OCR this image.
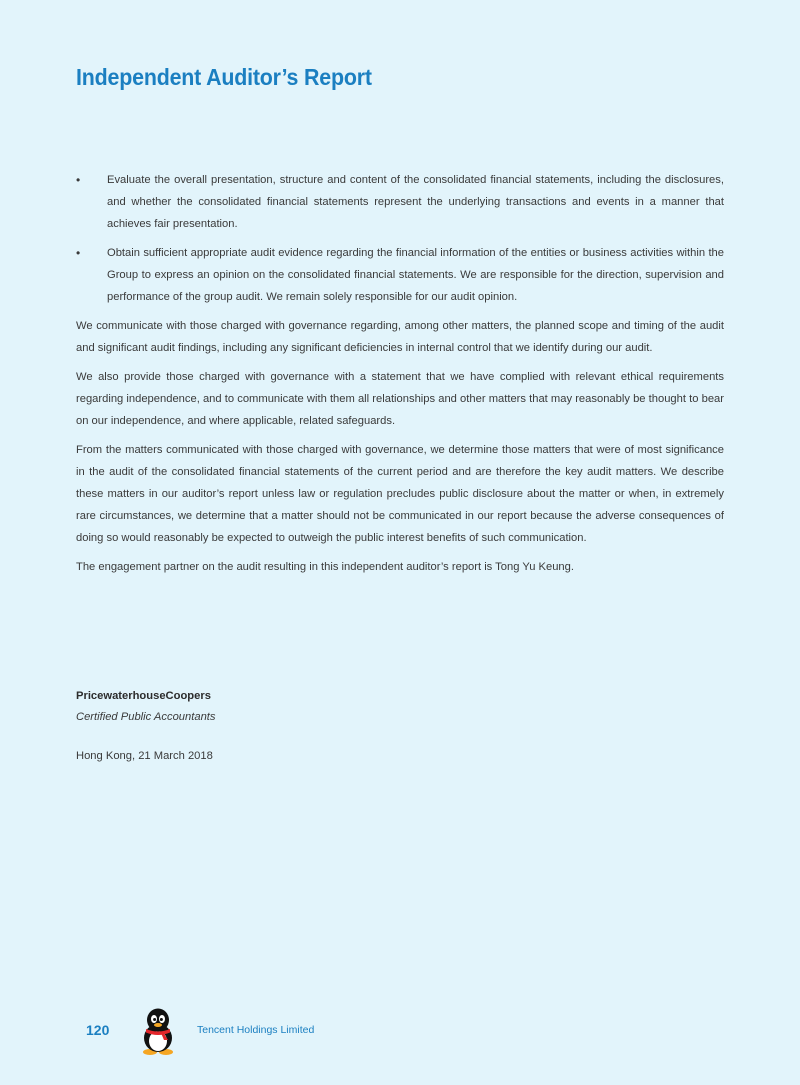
Independent Auditor’s Report
• Evaluate the overall presentation, structure and content of the consolidated financial statements, including the disclosures, and whether the consolidated financial statements represent the underlying transactions and events in a manner that achieves fair presentation.
• Obtain sufficient appropriate audit evidence regarding the financial information of the entities or business activities within the Group to express an opinion on the consolidated financial statements. We are responsible for the direction, supervision and performance of the group audit. We remain solely responsible for our audit opinion.

We communicate with those charged with governance regarding, among other matters, the planned scope and timing of the audit and significant audit findings, including any significant deficiencies in internal control that we identify during our audit.

We also provide those charged with governance with a statement that we have complied with relevant ethical requirements regarding independence, and to communicate with them all relationships and other matters that may reasonably be thought to bear on our independence, and where applicable, related safeguards.

From the matters communicated with those charged with governance, we determine those matters that were of most significance in the audit of the consolidated financial statements of the current period and are therefore the key audit matters. We describe these matters in our auditor’s report unless law or regulation precludes public disclosure about the matter or when, in extremely rare circumstances, we determine that a matter should not be communicated in our report because the adverse consequences of doing so would reasonably be expected to outweigh the public interest benefits of such communication.

The engagement partner on the audit resulting in this independent auditor’s report is Tong Yu Keung.

PricewaterhouseCoopers
Certified Public Accountants
Hong Kong, 21 March 2018
120	Tencent Holdings Limited
